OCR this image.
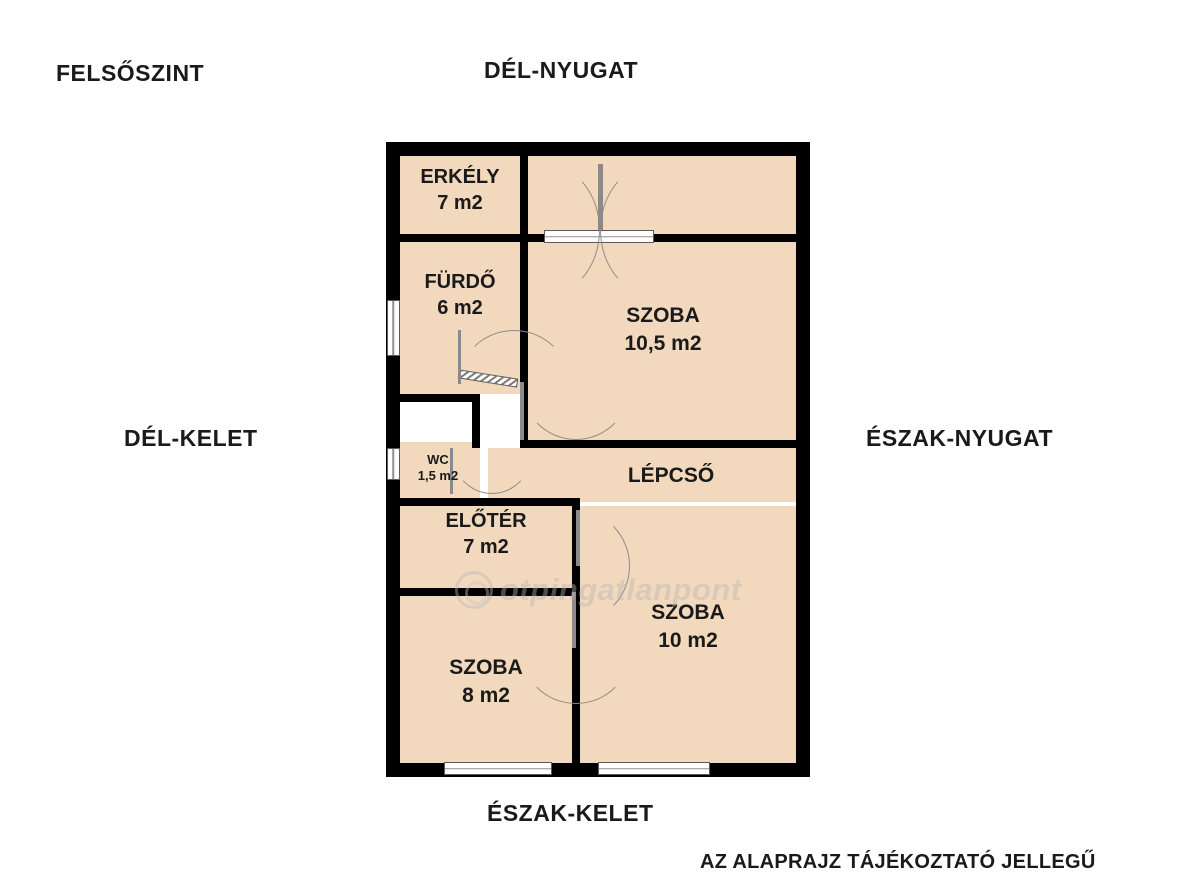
FELSŐSZINT	DÉL-NYUGAT
DÉL-KELET	ÉSZAK-NYUGAT
ÉSZAK-KELET
AZ ALAPRAJZ TÁJÉKOZTATÓ JELLEGŰ
ERKÉLY
7 m2
FÜRDŐ
6 m2	SZOBA
10,5 m2
WC
1,5 m2	LÉPCSŐ
ELŐTÉR
7 m2
SZOBA
10 m2
SZOBA
8 m2
otpingatlanpont
